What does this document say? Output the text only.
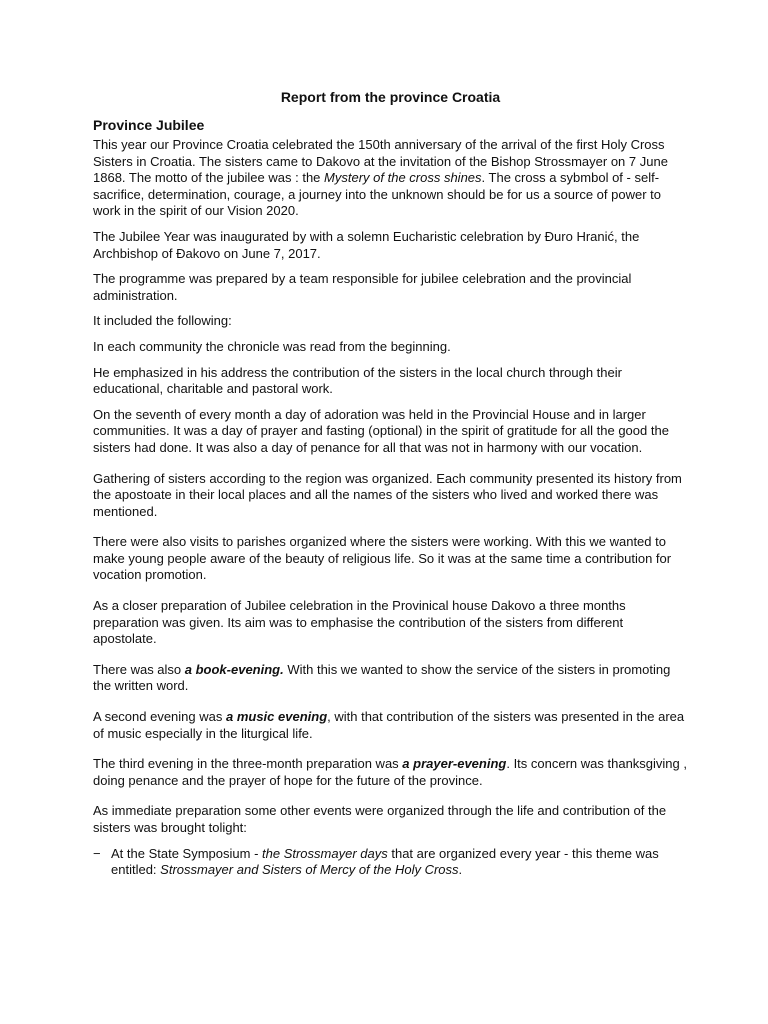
Report from the province Croatia
Province Jubilee

This year our Province Croatia celebrated the 150th anniversary of the arrival of the first Holy Cross Sisters in Croatia. The sisters came to Dakovo at the invitation of the Bishop Strossmayer on 7 June 1868. The motto of the jubilee was : the Mystery of the cross shines. The cross a sybmbol of - self-sacrifice, determination, courage, a journey into the unknown should be for us a source of power to work in the spirit of our Vision 2020.

The Jubilee Year was inaugurated by with a solemn Eucharistic celebration by Đuro Hranić, the Archbishop of Đakovo on June 7, 2017.

The programme was prepared by a team responsible for jubilee celebration and the provincial administration.

It included the following:

In each community the chronicle was read from the beginning.

He emphasized in his address the contribution of the sisters in the local church through their educational, charitable and pastoral work.

On the seventh of every month a day of adoration was held in the Provincial House and in larger communities. It was a day of prayer and fasting (optional) in the spirit of gratitude for all the good the sisters had done. It was also a day of penance for all that was not in harmony with our vocation.

Gathering of sisters according to the region was organized. Each community presented its history from the apostoate in their local places and all the names of the sisters who lived and worked there was mentioned.

There were also visits to parishes organized where the sisters were working. With this we wanted to make young people aware of the beauty of religious life. So it was at the same time a contribution for vocation promotion.

As a closer preparation of Jubilee celebration in the Provinical house Dakovo a three months preparation was given. Its aim was to emphasise the contribution of the sisters from different apostolate.

There was also a book-evening. With this we wanted to show the service of the sisters in promoting the written word.

A second evening was a music evening, with that contribution of the sisters was presented in the area of music especially in the liturgical life.

The third evening in the three-month preparation was a prayer-evening. Its concern was thanksgiving , doing penance and the prayer of hope for the future of the province.

As immediate preparation some other events were organized through the life and contribution of the sisters was brought tolight:

− At the State Symposium - the Strossmayer days that are organized every year - this theme was entitled: Strossmayer and Sisters of Mercy of the Holy Cross.
